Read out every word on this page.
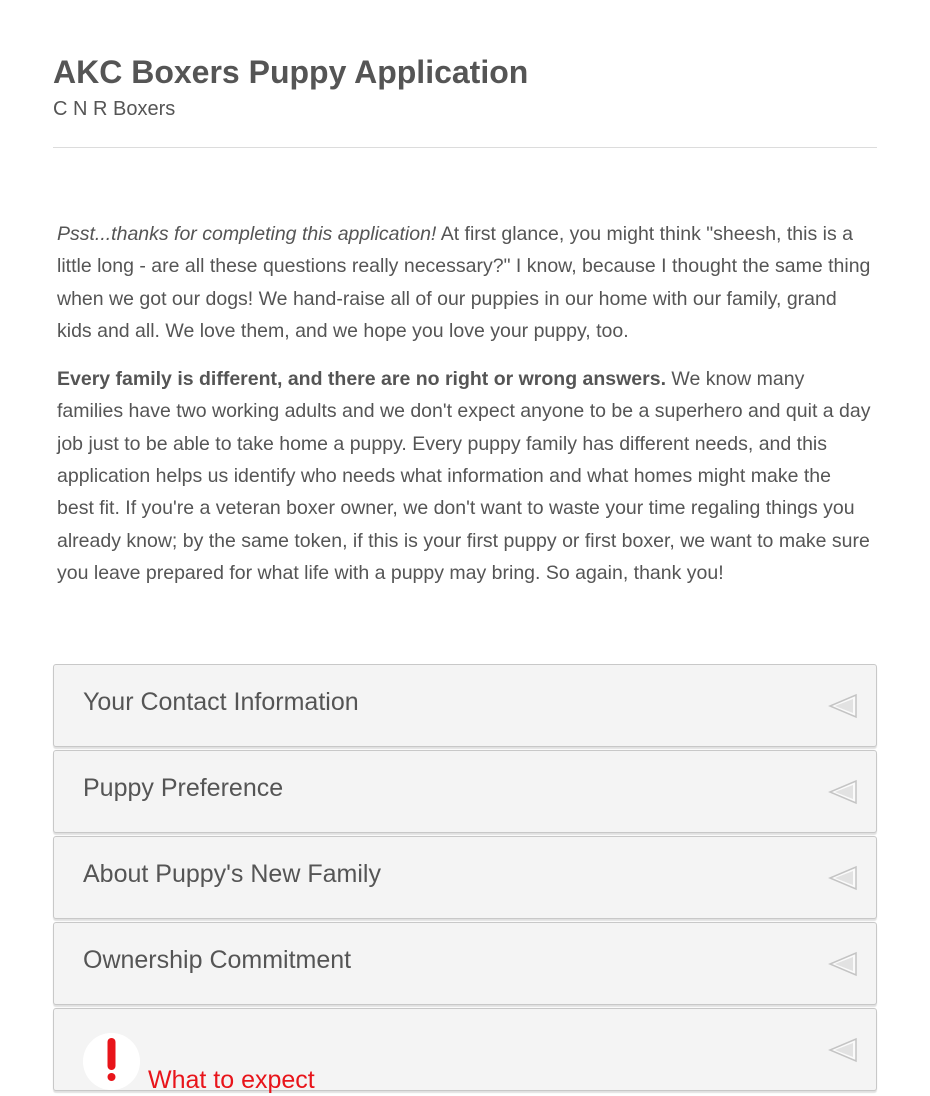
AKC Boxers Puppy Application
C N R Boxers

Psst...thanks for completing this application! At first glance, you might think "sheesh, this is a little long - are all these questions really necessary?" I know, because I thought the same thing when we got our dogs! We hand-raise all of our puppies in our home with our family, grand kids and all. We love them, and we hope you love your puppy, too.

Every family is different, and there are no right or wrong answers. We know many families have two working adults and we don't expect anyone to be a superhero and quit a day job just to be able to take home a puppy. Every puppy family has different needs, and this application helps us identify who needs what information and what homes might make the best fit. If you're a veteran boxer owner, we don't want to waste your time regaling things you already know; by the same token, if this is your first puppy or first boxer, we want to make sure you leave prepared for what life with a puppy may bring. So again, thank you!

Your Contact Information
Puppy Preference
About Puppy's New Family
Ownership Commitment
What to expect
